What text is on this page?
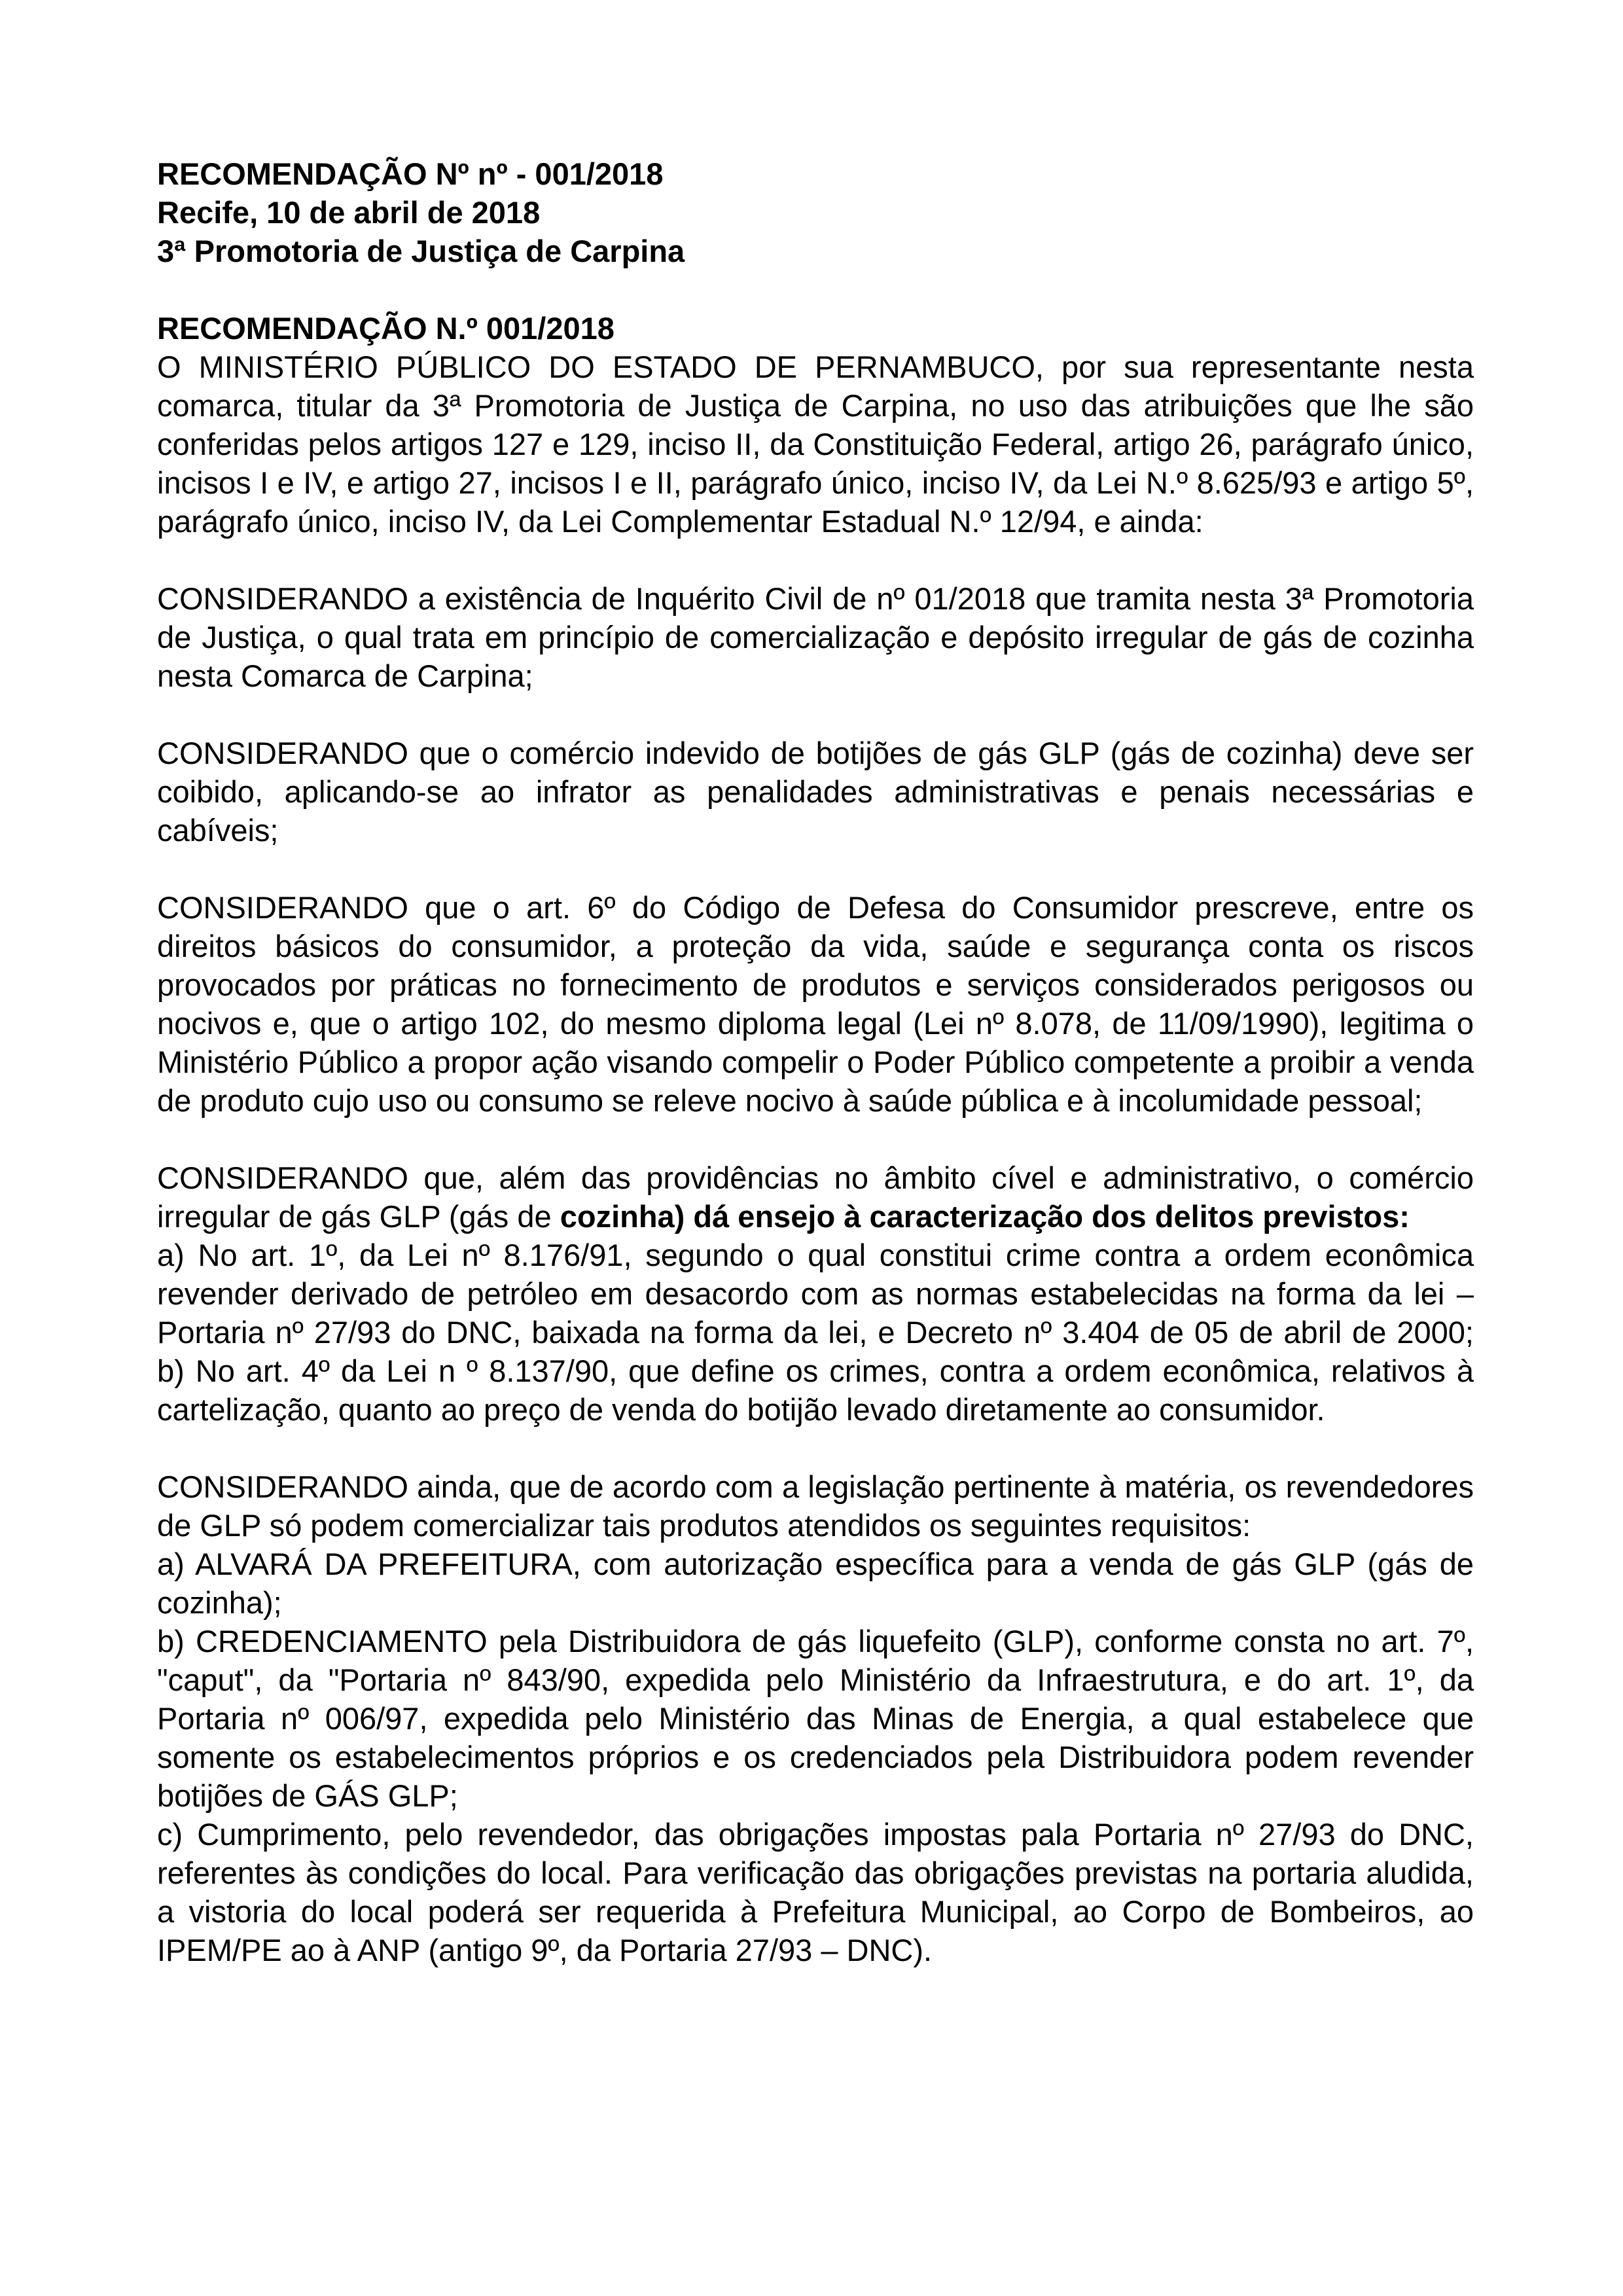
RECOMENDAÇÃO Nº nº - 001/2018
Recife, 10 de abril de 2018
3ª Promotoria de Justiça de Carpina
RECOMENDAÇÃO N.º 001/2018

O MINISTÉRIO PÚBLICO DO ESTADO DE PERNAMBUCO, por sua representante nesta comarca, titular da 3ª Promotoria de Justiça de Carpina, no uso das atribuições que lhe são conferidas pelos artigos 127 e 129, inciso II, da Constituição Federal, artigo 26, parágrafo único, incisos I e IV, e artigo 27, incisos I e II, parágrafo único, inciso IV, da Lei N.º 8.625/93 e artigo 5º, parágrafo único, inciso IV, da Lei Complementar Estadual N.º 12/94, e ainda:

CONSIDERANDO a existência de Inquérito Civil de nº 01/2018 que tramita nesta 3ª Promotoria de Justiça, o qual trata em princípio de comercialização e depósito irregular de gás de cozinha nesta Comarca de Carpina;

CONSIDERANDO que o comércio indevido de botijões de gás GLP (gás de cozinha) deve ser coibido, aplicando-se ao infrator as penalidades administrativas e penais necessárias e cabíveis;

CONSIDERANDO que o art. 6º do Código de Defesa do Consumidor prescreve, entre os direitos básicos do consumidor, a proteção da vida, saúde e segurança conta os riscos provocados por práticas no fornecimento de produtos e serviços considerados perigosos ou nocivos e, que o artigo 102, do mesmo diploma legal (Lei nº 8.078, de 11/09/1990), legitima o Ministério Público a propor ação visando compelir o Poder Público competente a proibir a venda de produto cujo uso ou consumo se releve nocivo à saúde pública e à incolumidade pessoal;

CONSIDERANDO que, além das providências no âmbito cível e administrativo, o comércio irregular de gás GLP (gás de cozinha) dá ensejo à caracterização dos delitos previstos:

a) No art. 1º, da Lei nº 8.176/91, segundo o qual constitui crime contra a ordem econômica revender derivado de petróleo em desacordo com as normas estabelecidas na forma da lei – Portaria nº 27/93 do DNC, baixada na forma da lei, e Decreto nº 3.404 de 05 de abril de 2000; b) No art. 4º da Lei n º 8.137/90, que define os crimes, contra a ordem econômica, relativos à cartelização, quanto ao preço de venda do botijão levado diretamente ao consumidor.

CONSIDERANDO ainda, que de acordo com a legislação pertinente à matéria, os revendedores de GLP só podem comercializar tais produtos atendidos os seguintes requisitos:

a) ALVARÁ DA PREFEITURA, com autorização específica para a venda de gás GLP (gás de cozinha);

b) CREDENCIAMENTO pela Distribuidora de gás liquefeito (GLP), conforme consta no art. 7º, "caput", da "Portaria nº 843/90, expedida pelo Ministério da Infraestrutura, e do art. 1º, da Portaria nº 006/97, expedida pelo Ministério das Minas de Energia, a qual estabelece que somente os estabelecimentos próprios e os credenciados pela Distribuidora podem revender botijões de GÁS GLP;

c) Cumprimento, pelo revendedor, das obrigações impostas pala Portaria nº 27/93 do DNC, referentes às condições do local. Para verificação das obrigações previstas na portaria aludida, a vistoria do local poderá ser requerida à Prefeitura Municipal, ao Corpo de Bombeiros, ao IPEM/PE ao à ANP (antigo 9º, da Portaria 27/93 – DNC).
